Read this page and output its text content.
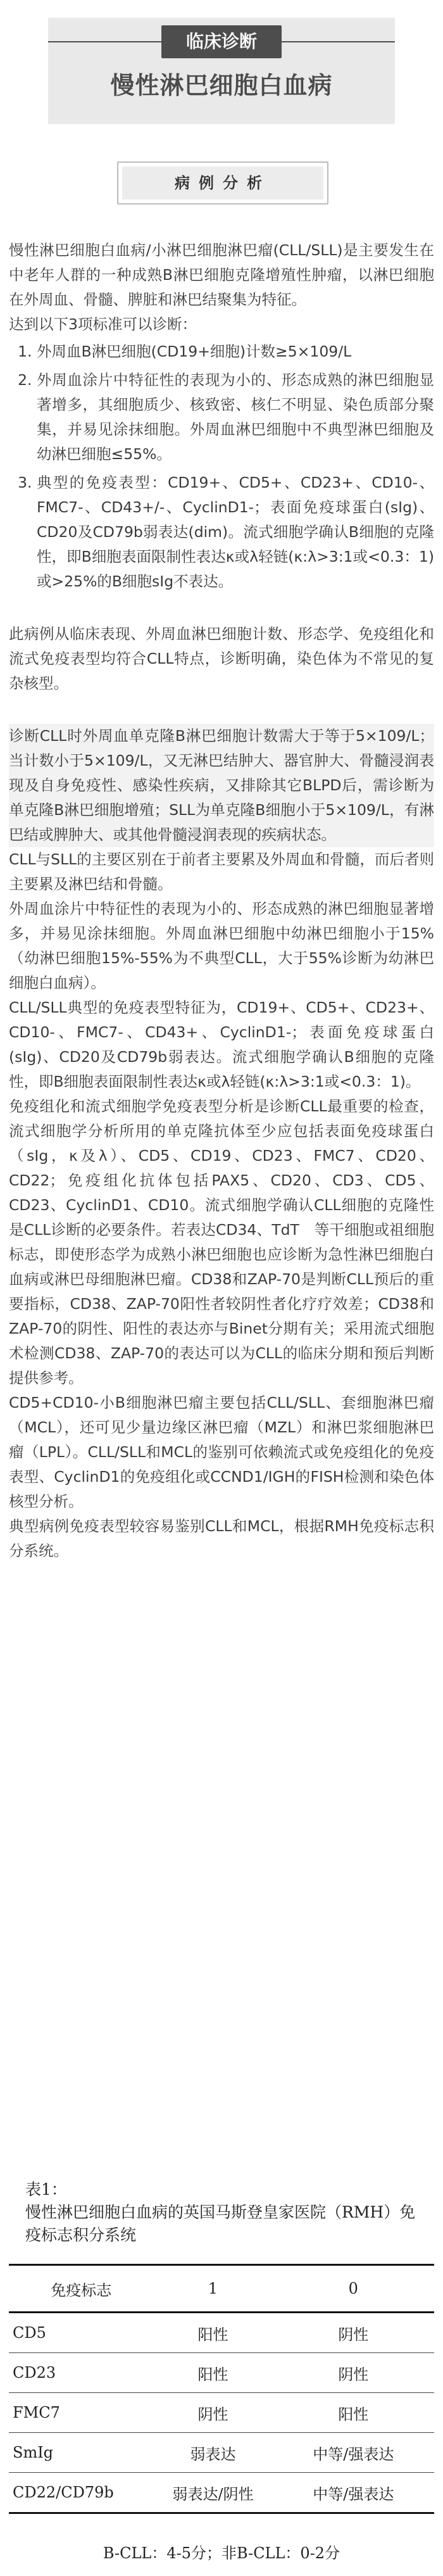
临床诊断
慢性淋巴细胞白血病
病例分析

慢性淋巴细胞白血病/小淋巴细胞淋巴瘤(CLL/SLL)是主要发生在中老年人群的一种成熟B淋巴细胞克隆增殖性肿瘤，以淋巴细胞在外周血、骨髓、脾脏和淋巴结聚集为特征。

达到以下3项标准可以诊断：

1. 外周血B淋巴细胞(CD19+细胞)计数≥5×109/L
2. 外周血涂片中特征性的表现为小的、形态成熟的淋巴细胞显著增多，其细胞质少、核致密、核仁不明显、染色质部分聚集，并易见涂抹细胞。外周血淋巴细胞中不典型淋巴细胞及幼淋巴细胞≤55%。
3. 典型的免疫表型：CD19+、CD5+、CD23+、CD10-、FMC7-、CD43+/-、CyclinD1-；表面免疫球蛋白(sIg)、CD20及CD79b弱表达(dim)。流式细胞学确认B细胞的克隆性，即B细胞表面限制性表达κ或λ轻链(κ:λ>3:1或<0.3：1)或>25%的B细胞sIg不表达。

此病例从临床表现、外周血淋巴细胞计数、形态学、免疫组化和流式免疫表型均符合CLL特点，诊断明确，染色体为不常见的复杂核型。

诊断CLL时外周血单克隆B淋巴细胞计数需大于等于5×109/L；当计数小于5×109/L，又无淋巴结肿大、器官肿大、骨髓浸润表现及自身免疫性、感染性疾病，又排除其它BLPD后，需诊断为单克隆B淋巴细胞增殖；SLL为单克隆B细胞小于5×109/L，有淋巴结或脾肿大、或其他骨髓浸润表现的疾病状态。

CLL与SLL的主要区别在于前者主要累及外周血和骨髓，而后者则主要累及淋巴结和骨髓。

外周血涂片中特征性的表现为小的、形态成熟的淋巴细胞显著增多，并易见涂抹细胞。外周血淋巴细胞中幼淋巴细胞小于15%（幼淋巴细胞15%-55%为不典型CLL，大于55%诊断为幼淋巴细胞白血病）。

CLL/SLL典型的免疫表型特征为，CD19+、CD5+、CD23+、CD10-、FMC7-、CD43+、CyclinD1-；表面免疫球蛋白(sIg)、CD20及CD79b弱表达。流式细胞学确认B细胞的克隆性，即B细胞表面限制性表达κ或λ轻链(κ:λ>3:1或<0.3：1)。

免疫组化和流式细胞学免疫表型分析是诊断CLL最重要的检查，流式细胞学分析所用的单克隆抗体至少应包括表面免疫球蛋白（sIg，κ及λ）、CD5、CD19、CD23、FMC7、CD20、CD22；免疫组化抗体包括PAX5、CD20、CD3、CD5、CD23、CyclinD1、CD10。流式细胞学确认CLL细胞的克隆性是CLL诊断的必要条件。若表达CD34、TdT　等干细胞或祖细胞标志，即使形态学为成熟小淋巴细胞也应诊断为急性淋巴细胞白血病或淋巴母细胞淋巴瘤。CD38和ZAP-70是判断CLL预后的重要指标，CD38、ZAP-70阳性者较阴性者化疗疗效差；CD38和ZAP-70的阴性、阳性的表达亦与Binet分期有关；采用流式细胞术检测CD38、ZAP-70的表达可以为CLL的临床分期和预后判断提供参考。

CD5+CD10-小B细胞淋巴瘤主要包括CLL/SLL、套细胞淋巴瘤（MCL），还可见少量边缘区淋巴瘤（MZL）和淋巴浆细胞淋巴瘤（LPL）。CLL/SLL和MCL的鉴别可依赖流式或免疫组化的免疫表型、CyclinD1的免疫组化或CCND1/IGH的FISH检测和染色体核型分析。

典型病例免疫表型较容易鉴别CLL和MCL，根据RMH免疫标志积分系统。

表1：
慢性淋巴细胞白血病的英国马斯登皇家医院（RMH）免疫标志积分系统
免疫标志	1	0
CD5	阳性	阴性
CD23	阳性	阴性
FMC7	阴性	阳性
SmIg	弱表达	中等/强表达
CD22/CD79b	弱表达/阴性	中等/强表达
B-CLL：4-5分；非B-CLL：0-2分
